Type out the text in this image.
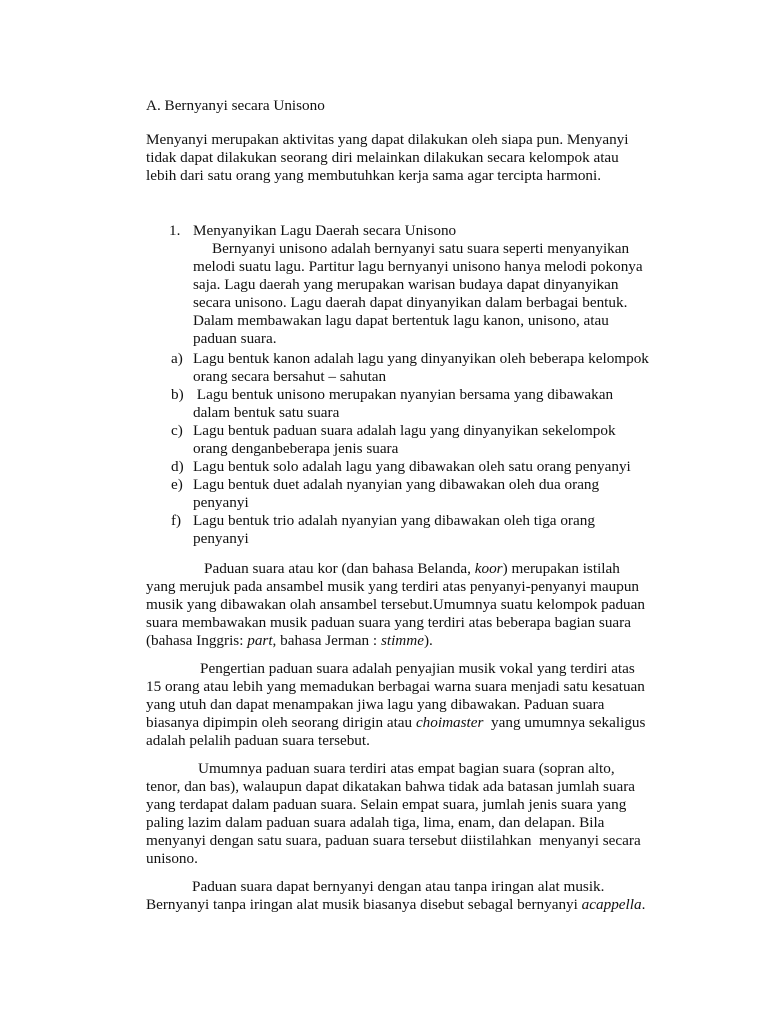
A. Bernyanyi secara Unisono
Menyanyi merupakan aktivitas yang dapat dilakukan oleh siapa pun. Menyanyi
tidak dapat dilakukan seorang diri melainkan dilakukan secara kelompok atau
lebih dari satu orang yang membutuhkan kerja sama agar tercipta harmoni.
1. Menyanyikan Lagu Daerah secara Unisono
Bernyanyi unisono adalah bernyanyi satu suara seperti menyanyikan
melodi suatu lagu. Partitur lagu bernyanyi unisono hanya melodi pokonya
saja. Lagu daerah yang merupakan warisan budaya dapat dinyanyikan
secara unisono. Lagu daerah dapat dinyanyikan dalam berbagai bentuk.
Dalam membawakan lagu dapat bertentuk lagu kanon, unisono, atau
paduan suara.
a) Lagu bentuk kanon adalah lagu yang dinyanyikan oleh beberapa kelompok
orang secara bersahut – sahutan
b) Lagu bentuk unisono merupakan nyanyian bersama yang dibawakan
dalam bentuk satu suara
c) Lagu bentuk paduan suara adalah lagu yang dinyanyikan sekelompok
orang denganbeberapa jenis suara
d) Lagu bentuk solo adalah lagu yang dibawakan oleh satu orang penyanyi
e) Lagu bentuk duet adalah nyanyian yang dibawakan oleh dua orang
penyanyi
f) Lagu bentuk trio adalah nyanyian yang dibawakan oleh tiga orang
penyanyi
Paduan suara atau kor (dan bahasa Belanda, koor) merupakan istilah
yang merujuk pada ansambel musik yang terdiri atas penyanyi-penyanyi maupun
musik yang dibawakan olah ansambel tersebut.Umumnya suatu kelompok paduan
suara membawakan musik paduan suara yang terdiri atas beberapa bagian suara
(bahasa Inggris: part, bahasa Jerman : stimme).
Pengertian paduan suara adalah penyajian musik vokal yang terdiri atas
15 orang atau lebih yang memadukan berbagai warna suara menjadi satu kesatuan
yang utuh dan dapat menampakan jiwa lagu yang dibawakan. Paduan suara
biasanya dipimpin oleh seorang dirigin atau choimaster  yang umumnya sekaligus
adalah pelalih paduan suara tersebut.
Umumnya paduan suara terdiri atas empat bagian suara (sopran alto,
tenor, dan bas), walaupun dapat dikatakan bahwa tidak ada batasan jumlah suara
yang terdapat dalam paduan suara. Selain empat suara, jumlah jenis suara yang
paling lazim dalam paduan suara adalah tiga, lima, enam, dan delapan. Bila
menyanyi dengan satu suara, paduan suara tersebut diistilahkan  menyanyi secara
unisono.
Paduan suara dapat bernyanyi dengan atau tanpa iringan alat musik.
Bernyanyi tanpa iringan alat musik biasanya disebut sebagal bernyanyi acappella.
